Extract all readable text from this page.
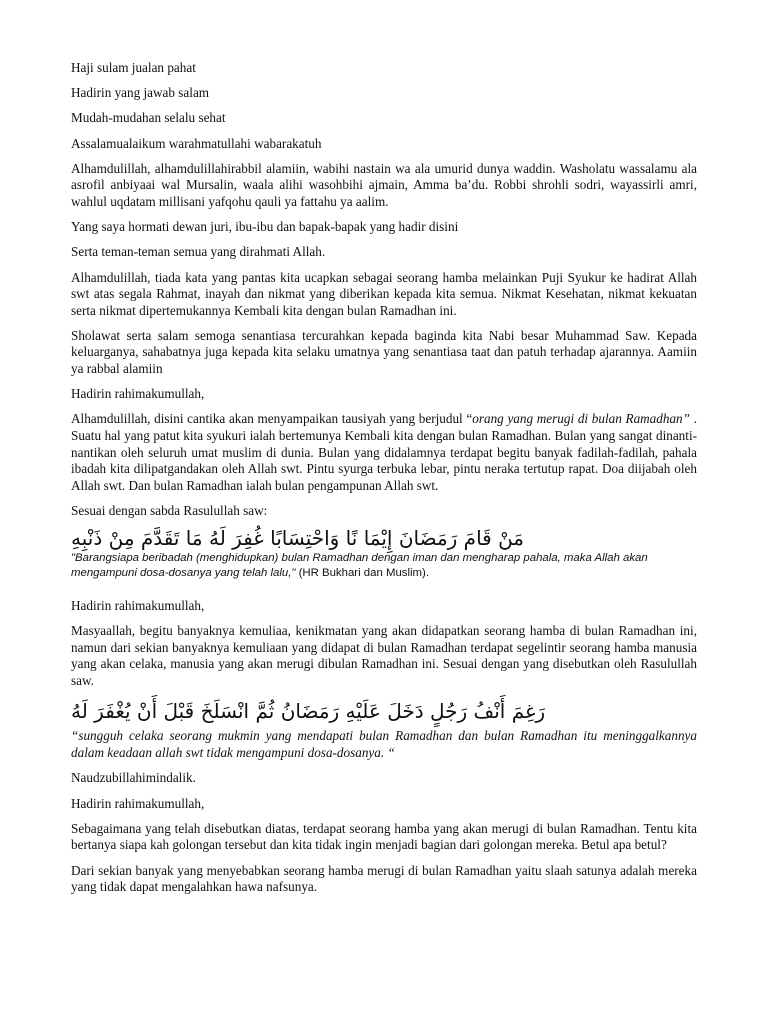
Haji sulam jualan pahat

Hadirin yang jawab salam

Mudah-mudahan selalu sehat

Assalamualaikum warahmatullahi wabarakatuh

Alhamdulillah, alhamdulillahirabbil alamiin, wabihi nastain wa ala umurid dunya waddin. Washolatu wassalamu ala asrofil anbiyaai wal Mursalin, waala alihi wasohbihi ajmain, Amma ba’du. Robbi shrohli sodri, wayassirli amri, wahlul uqdatam millisani yafqohu qauli ya fattahu ya aalim.

Yang saya hormati dewan juri, ibu-ibu dan bapak-bapak yang hadir disini

Serta teman-teman semua yang dirahmati Allah.

Alhamdulillah, tiada kata yang pantas kita ucapkan sebagai seorang hamba melainkan Puji Syukur ke hadirat Allah swt atas segala Rahmat, inayah dan nikmat yang diberikan kepada kita semua. Nikmat Kesehatan, nikmat kekuatan serta nikmat dipertemukannya Kembali kita dengan bulan Ramadhan ini.

Sholawat serta salam semoga senantiasa tercurahkan kepada baginda kita Nabi besar Muhammad Saw. Kepada keluarganya, sahabatnya juga kepada kita selaku umatnya yang senantiasa taat dan patuh terhadap ajarannya. Aamiin ya rabbal alamiin

Hadirin rahimakumullah,

Alhamdulillah, disini cantika akan menyampaikan tausiyah yang berjudul “orang yang merugi di bulan Ramadhan” . Suatu hal yang patut kita syukuri ialah bertemunya Kembali kita dengan bulan Ramadhan. Bulan yang sangat dinanti-nantikan oleh seluruh umat muslim di dunia. Bulan yang didalamnya terdapat begitu banyak fadilah-fadilah, pahala ibadah kita dilipatgandakan oleh Allah swt. Pintu syurga terbuka lebar, pintu neraka tertutup rapat. Doa diijabah oleh Allah swt. Dan bulan Ramadhan ialah bulan pengampunan Allah swt.

Sesuai dengan sabda Rasulullah saw:

مَنْ قَامَ رَمَضَانَ إِيْمَا نًا وَاحْتِسَابًا غُفِرَ لَهُ مَا تَقَدَّمَ مِنْ ذَنْبِهِ

"Barangsiapa beribadah (menghidupkan) bulan Ramadhan dengan iman dan mengharap pahala, maka Allah akan mengampuni dosa-dosanya yang telah lalu," (HR Bukhari dan Muslim).

Hadirin rahimakumullah,

Masyaallah, begitu banyaknya kemuliaa, kenikmatan yang akan didapatkan seorang hamba di bulan Ramadhan ini, namun dari sekian banyaknya kemuliaan yang didapat di bulan Ramadhan terdapat segelintir seorang hamba manusia yang akan celaka, manusia yang akan merugi dibulan Ramadhan ini. Sesuai dengan yang disebutkan oleh Rasulullah saw.

رَغِمَ أَنْفُ رَجُلٍ دَخَلَ عَلَيْهِ رَمَضَانُ ثُمَّ انْسَلَخَ قَبْلَ أَنْ يُغْفَرَ لَهُ

“sungguh celaka seorang mukmin yang mendapati bulan Ramadhan dan bulan Ramadhan itu meninggalkannya dalam keadaan allah swt tidak mengampuni dosa-dosanya. “

Naudzubillahimindalik.

Hadirin rahimakumullah,

Sebagaimana yang telah disebutkan diatas, terdapat seorang hamba yang akan merugi di bulan Ramadhan. Tentu kita bertanya siapa kah golongan tersebut dan kita tidak ingin menjadi bagian dari golongan mereka. Betul apa betul?

Dari sekian banyak yang menyebabkan seorang hamba merugi di bulan Ramadhan yaitu slaah satunya adalah mereka yang tidak dapat mengalahkan hawa nafsunya.
